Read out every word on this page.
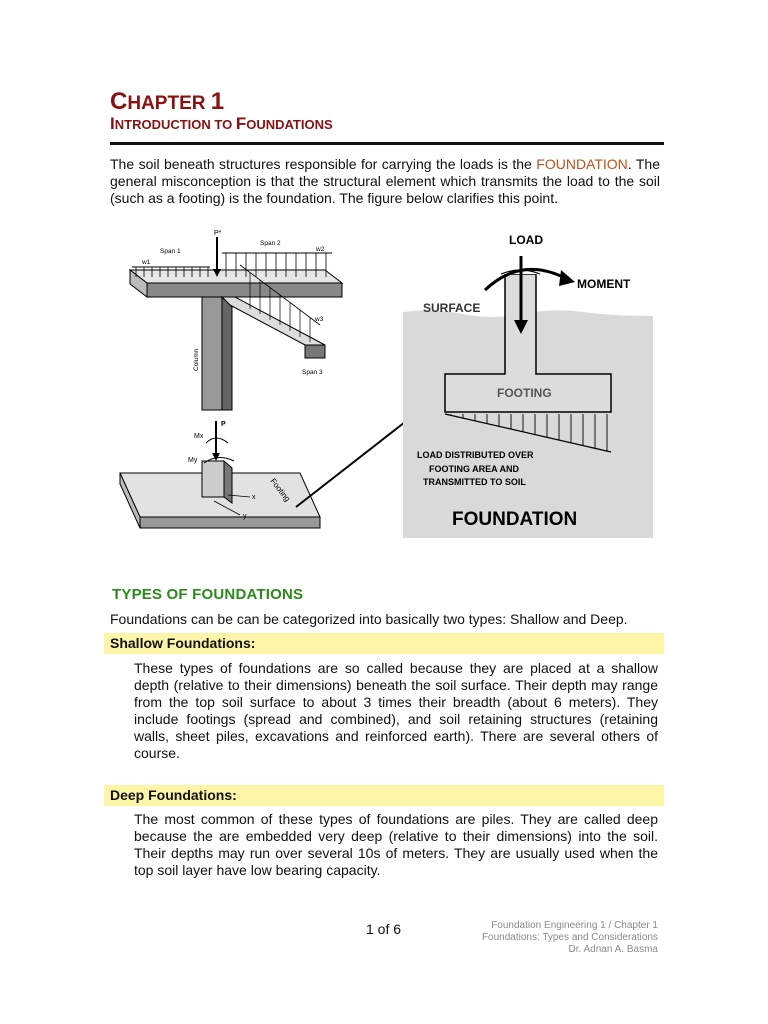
CHAPTER 1
INTRODUCTION TO FOUNDATIONS
The soil beneath structures responsible for carrying the loads is the FOUNDATION. The general misconception is that the structural element which transmits the load to the soil (such as a footing) is the foundation. The figure below clarifies this point.
P*
Span 1
Span 2
Span 3
w1
w2
w3
Column
P
Mx
My
x
y
Footing
LOAD
MOMENT
SURFACE
FOOTING
LOAD DISTRIBUTED OVER
FOOTING AREA AND
TRANSMITTED TO SOIL
FOUNDATION
TYPES OF FOUNDATIONS
Foundations can be can be categorized into basically two types: Shallow and Deep.
Shallow Foundations:
These types of foundations are so called because they are placed at a shallow depth (relative to their dimensions) beneath the soil surface. Their depth may range from the top soil surface to about 3 times their breadth (about 6 meters). They include footings (spread and combined), and soil retaining structures (retaining walls, sheet piles, excavations and reinforced earth). There are several others of course.
Deep Foundations:
The most common of these types of foundations are piles. They are called deep because the are embedded very deep (relative to their dimensions) into the soil. Their depths may run over several 10s of meters. They are usually used when the top soil layer have low bearing capacity.
1 of 6	Foundation Engineering 1 / Chapter 1
Foundations: Types and Considerations
Dr. Adnan A. Basma
